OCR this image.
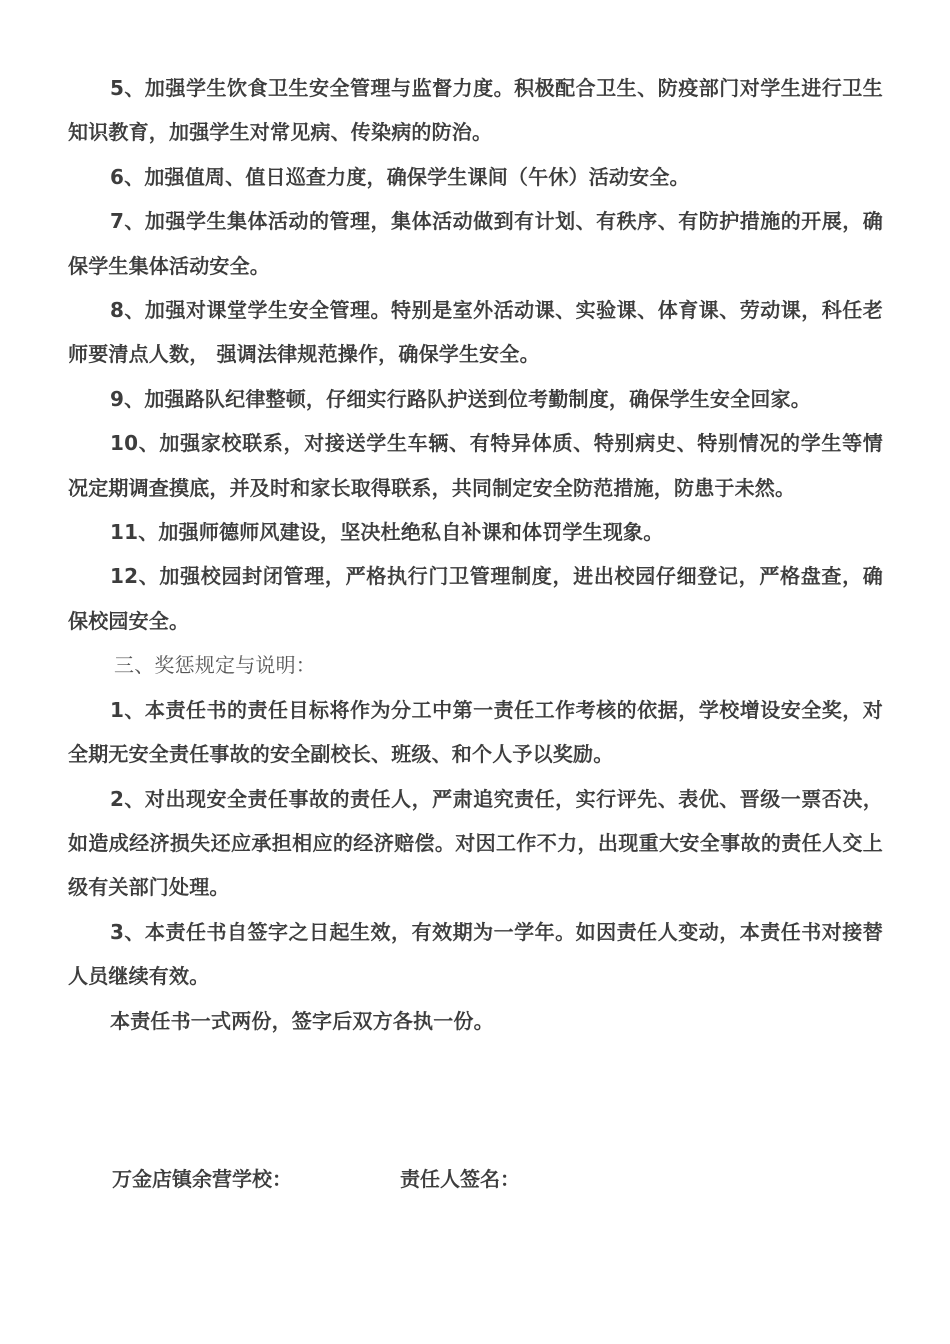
5、加强学生饮食卫生安全管理与监督力度。积极配合卫生、防疫部门对学生进行卫生知识教育，加强学生对常见病、传染病的防治。

6、加强值周、值日巡查力度，确保学生课间（午休）活动安全。

7、加强学生集体活动的管理，集体活动做到有计划、有秩序、有防护措施的开展，确保学生集体活动安全。

8、加强对课堂学生安全管理。特别是室外活动课、实验课、体育课、劳动课，科任老师要清点人数， 强调法律规范操作，确保学生安全。

9、加强路队纪律整顿，仔细实行路队护送到位考勤制度，确保学生安全回家。

10、加强家校联系，对接送学生车辆、有特异体质、特别病史、特别情况的学生等情况定期调查摸底，并及时和家长取得联系，共同制定安全防范措施，防患于未然。

11、加强师德师风建设，坚决杜绝私自补课和体罚学生现象。

12、加强校园封闭管理，严格执行门卫管理制度，进出校园仔细登记，严格盘查，确保校园安全。

三、奖惩规定与说明：

1、本责任书的责任目标将作为分工中第一责任工作考核的依据，学校增设安全奖，对全期无安全责任事故的安全副校长、班级、和个人予以奖励。

2、对出现安全责任事故的责任人，严肃追究责任，实行评先、表优、晋级一票否决，如造成经济损失还应承担相应的经济赔偿。对因工作不力，出现重大安全事故的责任人交上级有关部门处理。

3、本责任书自签字之日起生效，有效期为一学年。如因责任人变动，本责任书对接替人员继续有效。

本责任书一式两份，签字后双方各执一份。

万金店镇余营学校：	责任人签名：
